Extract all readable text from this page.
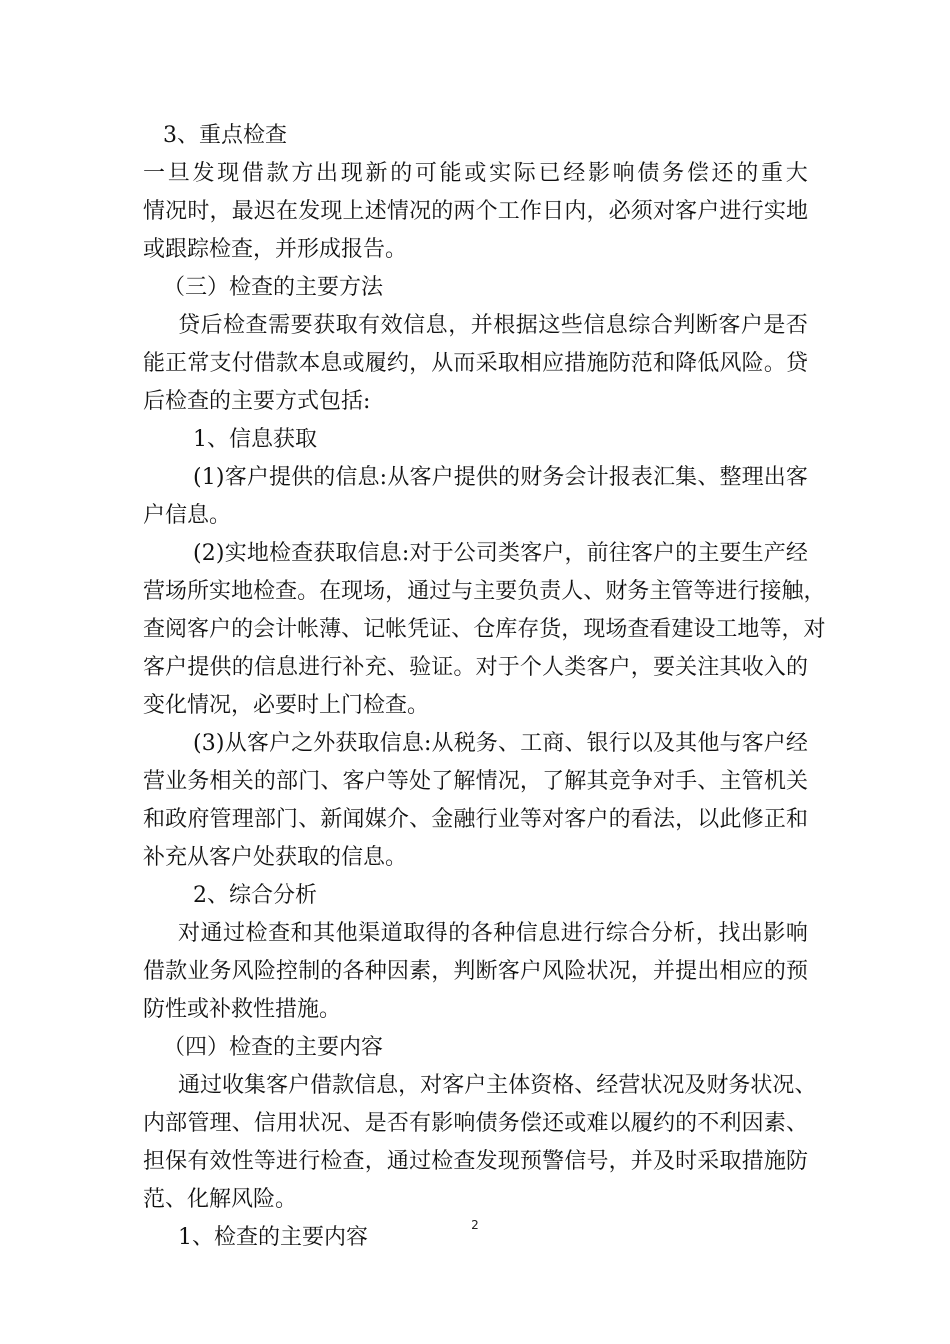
3、重点检查
一 旦 发 现 借 款 方 出 现 新 的 可 能 或 实 际 已 经 影 响 债 务 偿 还 的 重 大
情 况 时 ， 最 迟 在 发 现 上 述 情 况 的 两 个 工 作 日 内 ， 必 须 对 客 户 进 行 实 地
或跟踪检查，并形成报告。
（三）检查的主要方法
贷 后 检 查 需 要 获 取 有 效 信 息 ， 并 根 据 这 些 信 息 综 合 判 断 客 户 是 否
能 正 常 支 付 借 款 本 息 或 履 约 ， 从 而 采 取 相 应 措 施 防 范 和 降 低 风 险 。 贷
后检查的主要方式包括:
1、信息获取
( 1 ) 客 户 提 供 的 信 息 : 从 客 户 提 供 的 财 务 会 计 报 表 汇 集 、 整 理 出 客
户信息。
( 2 ) 实 地 检 查 获 取 信 息 : 对 于 公 司 类 客 户 ， 前 往 客 户 的 主 要 生 产 经
营 场 所 实 地 检 查 。 在 现 场 ， 通 过 与 主 要 负 责 人 、 财 务 主 管 等 进 行 接 触 ，
查 阅 客 户 的 会 计 帐 薄 、 记 帐 凭 证 、 仓 库 存 货 ， 现 场 查 看 建 设 工 地 等 ， 对
客 户 提 供 的 信 息 进 行 补 充 、 验 证 。 对 于 个 人 类 客 户 ， 要 关 注 其 收 入 的
变化情况，必要时上门检查。
( 3 ) 从 客 户 之 外 获 取 信 息 : 从 税 务 、 工 商 、 银 行 以 及 其 他 与 客 户 经
营 业 务 相 关 的 部 门 、 客 户 等 处 了 解 情 况 ， 了 解 其 竞 争 对 手 、 主 管 机 关
和 政 府 管 理 部 门 、 新 闻 媒 介 、 金 融 行 业 等 对 客 户 的 看 法 ， 以 此 修 正 和
补充从客户处获取的信息。
2、综合分析
对 通 过 检 查 和 其 他 渠 道 取 得 的 各 种 信 息 进 行 综 合 分 析 ， 找 出 影 响
借 款 业 务 风 险 控 制 的 各 种 因 素 ， 判 断 客 户 风 险 状 况 ， 并 提 出 相 应 的 预
防性或补救性措施。
（四）检查的主要内容
通 过 收 集 客 户 借 款 信 息 ， 对 客 户 主 体 资 格 、 经 营 状 况 及 财 务 状 况 、
内 部 管 理 、 信 用 状 况 、 是 否 有 影 响 债 务 偿 还 或 难 以 履 约 的 不 利 因 素 、
担 保 有 效 性 等 进 行 检 查 ， 通 过 检 查 发 现 预 警 信 号 ， 并 及 时 采 取 措 施 防
范、化解风险。
1、检查的主要内容	2
